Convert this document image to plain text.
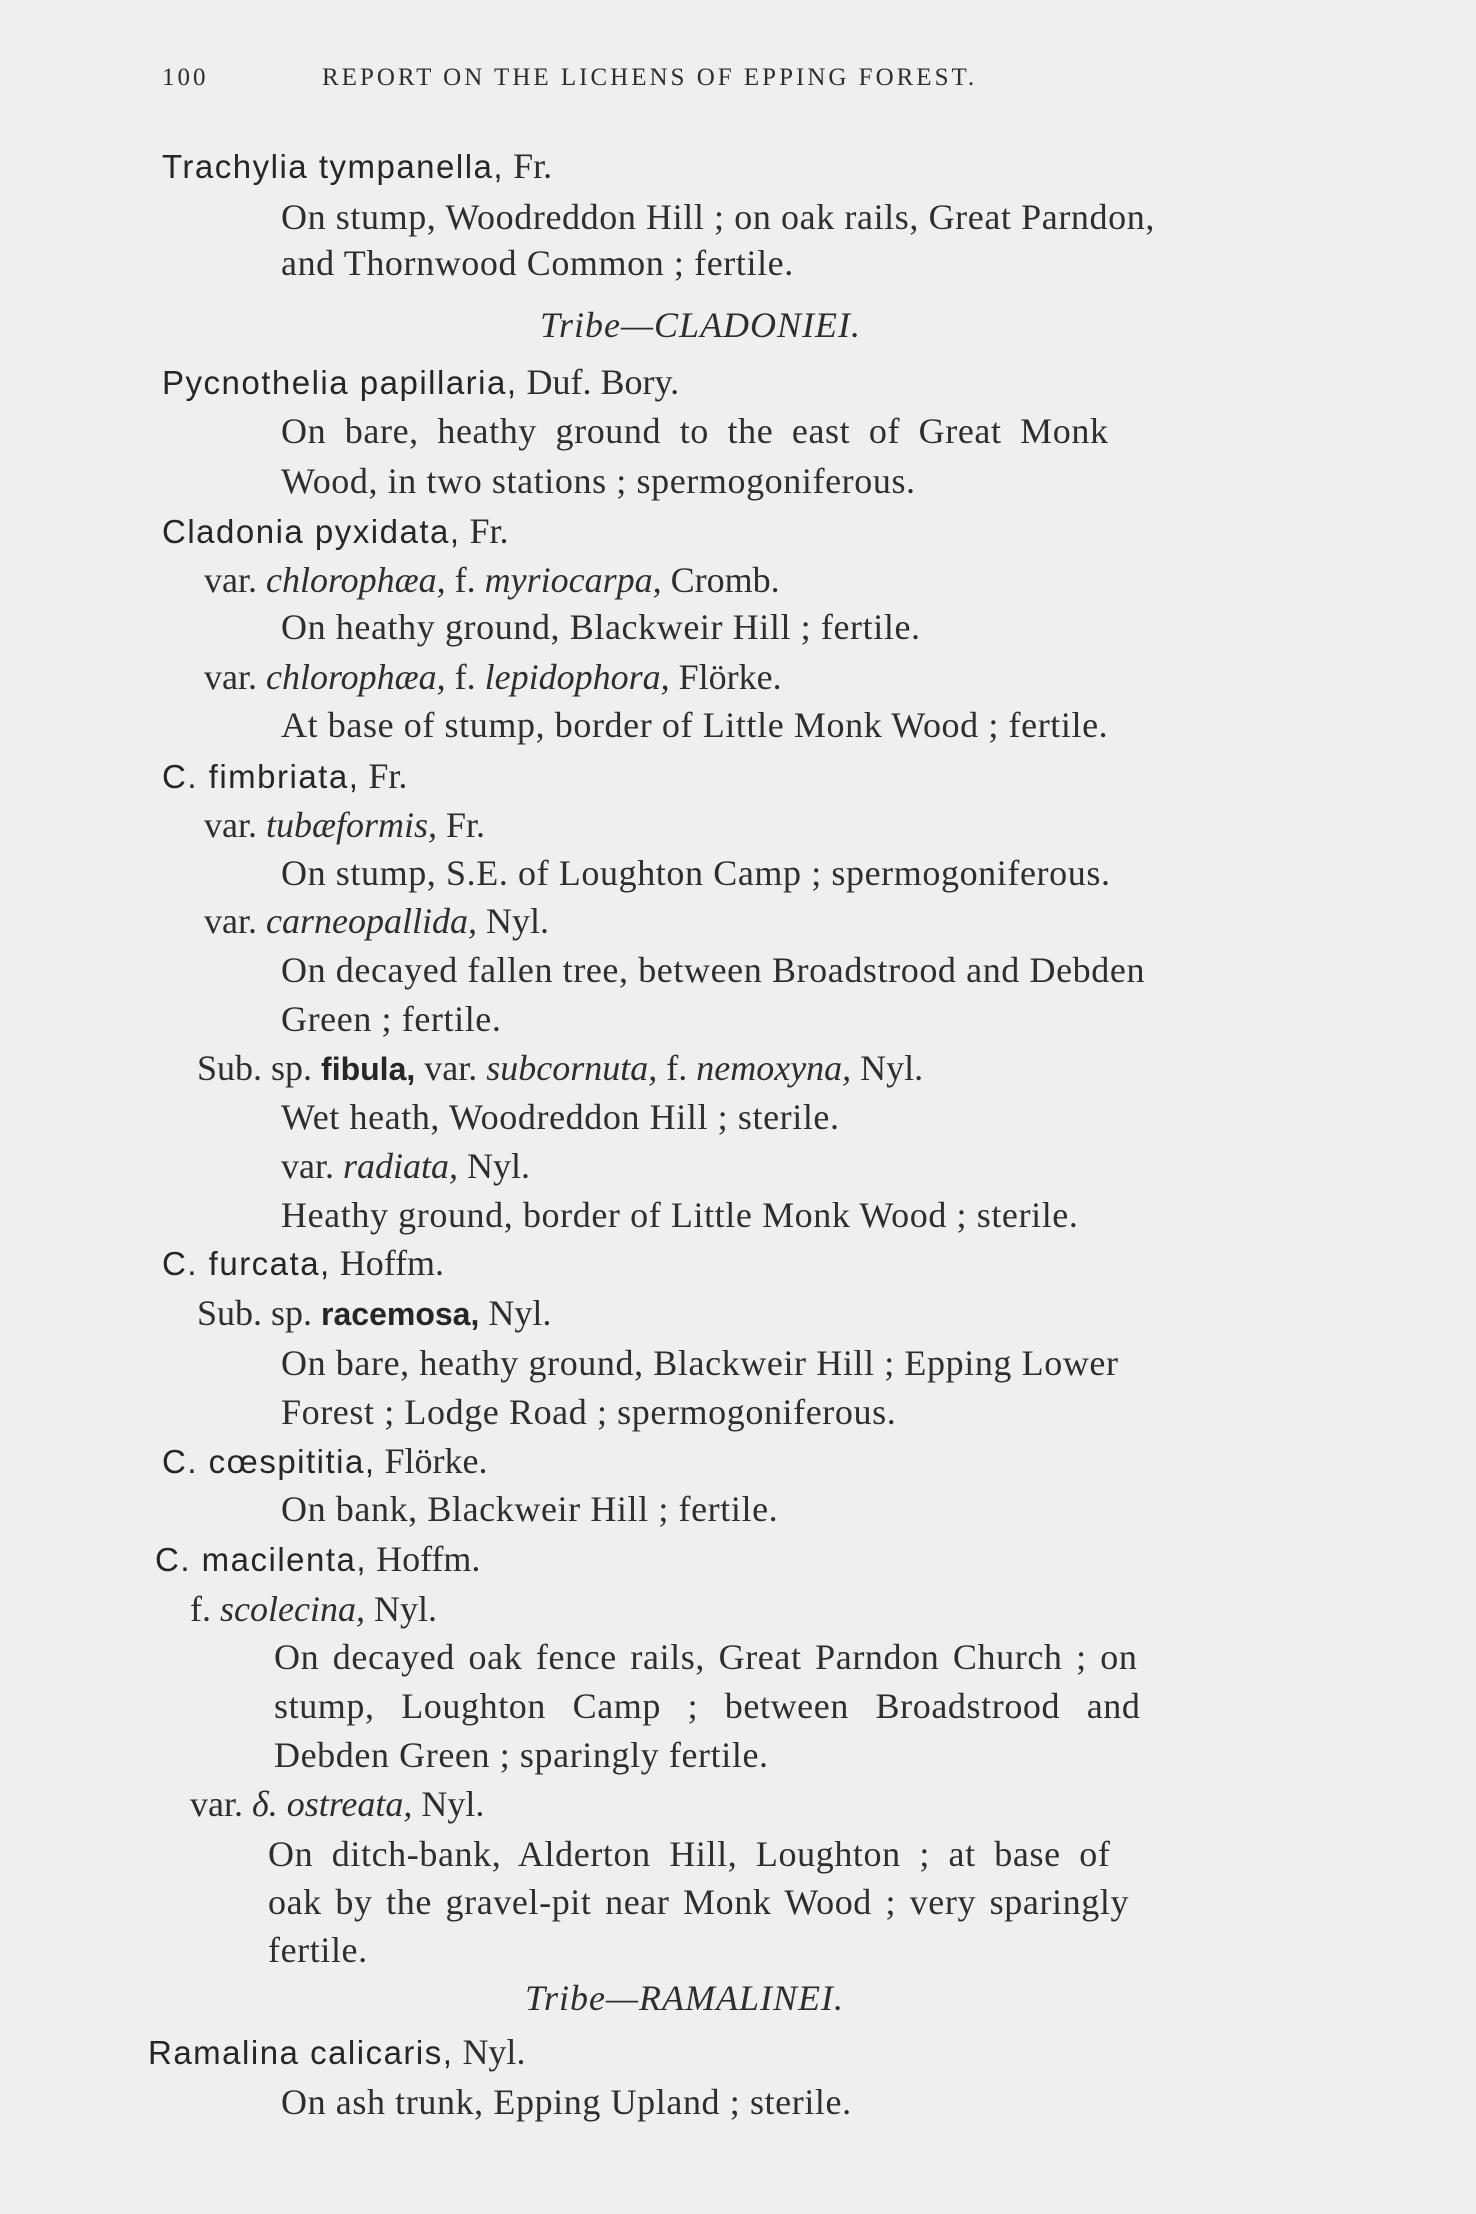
100	REPORT ON THE LICHENS OF EPPING FOREST.
Trachylia tympanella, Fr.
On stump, Woodreddon Hill ; on oak rails, Great Parndon,
and Thornwood Common ; fertile.
Tribe—CLADONIEI.
Pycnothelia papillaria, Duf. Bory.
On bare, heathy ground to the east of Great Monk
Wood, in two stations ; spermogoniferous.
Cladonia pyxidata, Fr.
var. chlorophæa, f. myriocarpa, Cromb.
On heathy ground, Blackweir Hill ; fertile.
var. chlorophæa, f. lepidophora, Flörke.
At base of stump, border of Little Monk Wood ; fertile.
C. fimbriata, Fr.
var. tubæformis, Fr.
On stump, S.E. of Loughton Camp ; spermogoniferous.
var. carneopallida, Nyl.
On decayed fallen tree, between Broadstrood and Debden
Green ; fertile.
Sub. sp. fibula, var. subcornuta, f. nemoxyna, Nyl.
Wet heath, Woodreddon Hill ; sterile.
var. radiata, Nyl.
Heathy ground, border of Little Monk Wood ; sterile.
C. furcata, Hoffm.
Sub. sp. racemosa, Nyl.
On bare, heathy ground, Blackweir Hill ; Epping Lower
Forest ; Lodge Road ; spermogoniferous.
C. cœspititia, Flörke.
On bank, Blackweir Hill ; fertile.
C. macilenta, Hoffm.
f. scolecina, Nyl.
On decayed oak fence rails, Great Parndon Church ; on
stump, Loughton Camp ; between Broadstrood and
Debden Green ; sparingly fertile.
var. δ. ostreata, Nyl.
On ditch-bank, Alderton Hill, Loughton ; at base of
oak by the gravel-pit near Monk Wood ; very sparingly
fertile.
Tribe—RAMALINEI.
Ramalina calicaris, Nyl.
On ash trunk, Epping Upland ; sterile.
